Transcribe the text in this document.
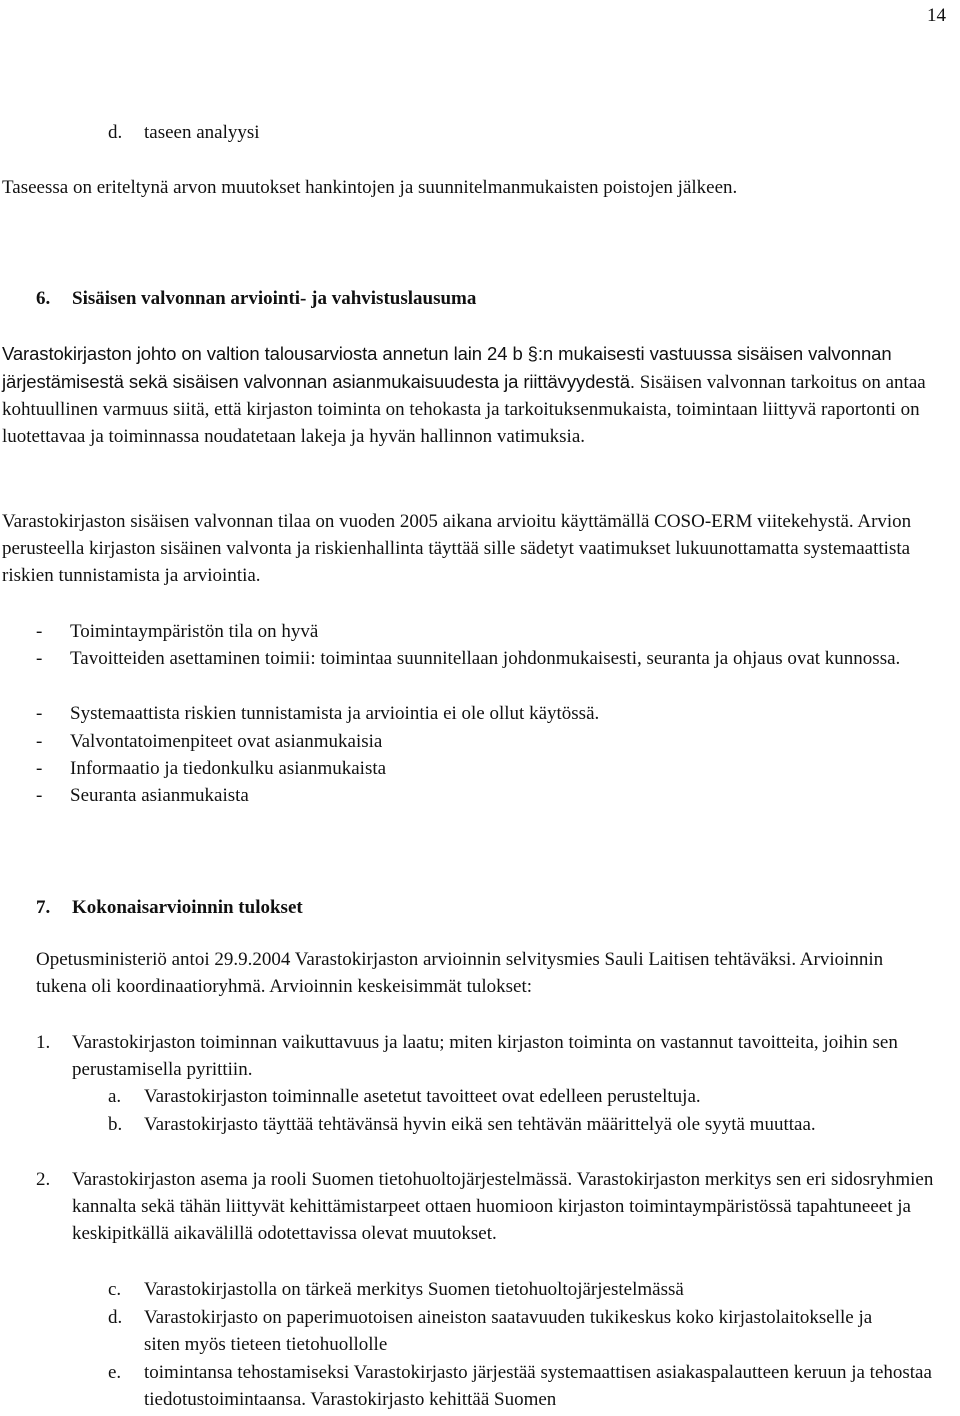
14
d.	taseen analyysi

Taseessa on eriteltynä arvon muutokset hankintojen ja suunnitelmanmukaisten poistojen jälkeen.

6.	Sisäisen valvonnan arviointi- ja vahvistuslausuma

Varastokirjaston johto on valtion talousarviosta annetun lain 24 b §:n mukaisesti vastuussa sisäisen valvonnan järjestämisestä sekä sisäisen valvonnan asianmukaisuudesta ja riittävyydestä. Sisäisen valvonnan tarkoitus on antaa kohtuullinen varmuus siitä, että kirjaston toiminta on tehokasta ja tarkoituksenmukaista, toimintaan liittyvä raportonti on luotettavaa ja toiminnassa noudatetaan lakeja ja hyvän hallinnon vatimuksia.

Varastokirjaston sisäisen valvonnan tilaa on vuoden 2005 aikana arvioitu käyttämällä COSO-ERM viitekehystä. Arvion perusteella kirjaston sisäinen valvonta ja riskienhallinta täyttää sille sädetyt vaatimukset lukuunottamatta systemaattista riskien tunnistamista ja arviointia.

-	Toimintaympäristön tila on hyvä
-	Tavoitteiden asettaminen toimii: toimintaa suunnitellaan johdonmukaisesti, seuranta ja ohjaus ovat kunnossa.
-	Systemaattista riskien tunnistamista ja arviointia ei ole ollut käytössä.
-	Valvontatoimenpiteet ovat asianmukaisia
-	Informaatio ja tiedonkulku asianmukaista
-	Seuranta asianmukaista
7.	Kokonaisarvioinnin tulokset

Opetusministeriö antoi 29.9.2004 Varastokirjaston arvioinnin selvitysmies Sauli Laitisen tehtäväksi. Arvioinnin tukena oli koordinaatioryhmä. Arvioinnin keskeisimmät tulokset:

1.	Varastokirjaston toiminnan vaikuttavuus ja laatu; miten kirjaston toiminta on vastannut tavoitteita, joihin sen perustamisella pyrittiin.
a.	Varastokirjaston toiminnalle asetetut tavoitteet ovat edelleen perusteltuja.
b.	Varastokirjasto täyttää tehtävänsä hyvin eikä sen tehtävän määrittelyä ole syytä muuttaa.
2.	Varastokirjaston asema ja rooli Suomen tietohuoltojärjestelmässä. Varastokirjaston merkitys sen eri sidosryhmien kannalta sekä tähän liittyvät kehittämistarpeet ottaen huomioon kirjaston toimintaympäristössä tapahtuneeet ja keskipitkällä aikavälillä odotettavissa olevat muutokset.
c.	Varastokirjastolla on tärkeä merkitys Suomen tietohuoltojärjestelmässä
d.	Varastokirjasto on paperimuotoisen aineiston saatavuuden tukikeskus koko kirjastolaitokselle ja siten myös tieteen tietohuollolle
e.	toimintansa tehostamiseksi Varastokirjasto järjestää systemaattisen asiakaspalautteen keruun ja tehostaa tiedotustoimintaansa. Varastokirjasto kehittää Suomen
